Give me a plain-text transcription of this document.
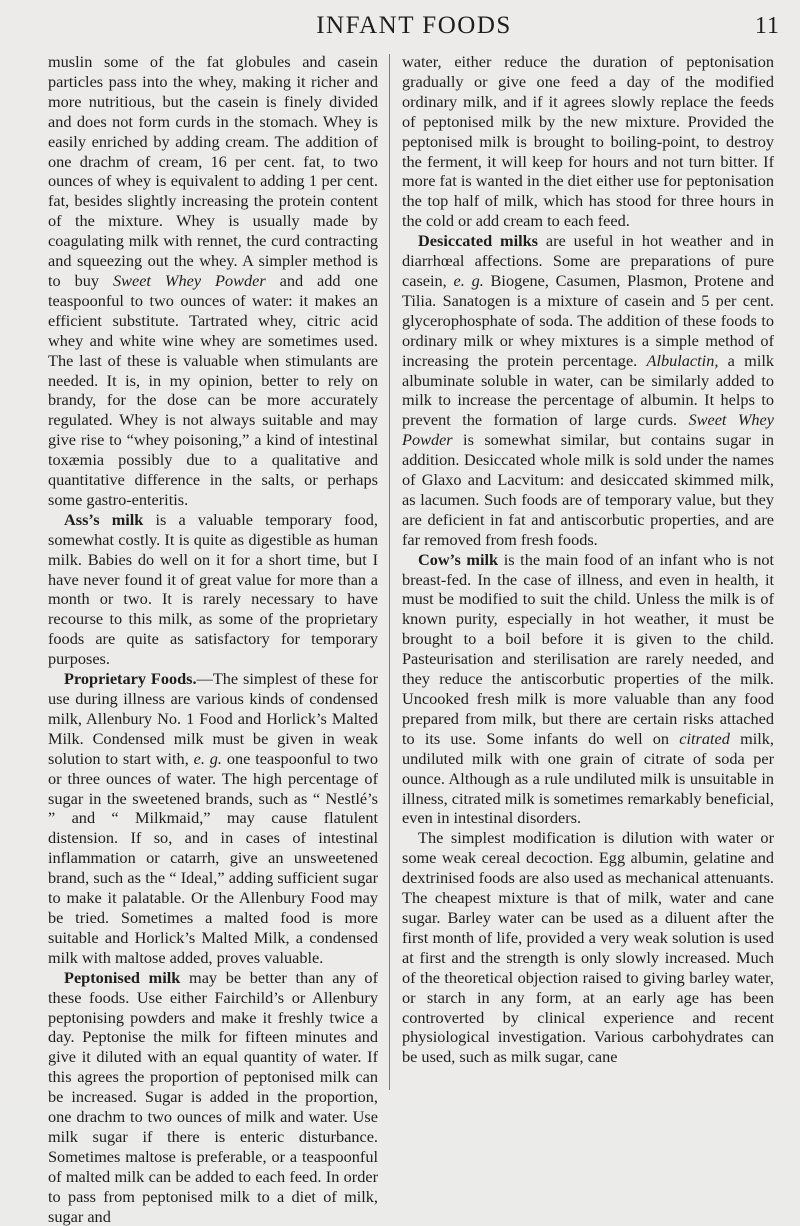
INFANT FOODS	11

muslin some of the fat globules and casein particles pass into the whey, making it richer and more nutritious, but the casein is finely divided and does not form curds in the stomach. Whey is easily enriched by adding cream. The addition of one drachm of cream, 16 per cent. fat, to two ounces of whey is equivalent to adding 1 per cent. fat, besides slightly increasing the protein content of the mixture. Whey is usually made by coagulating milk with rennet, the curd contracting and squeezing out the whey. A simpler method is to buy Sweet Whey Powder and add one teaspoonful to two ounces of water: it makes an efficient substitute. Tartrated whey, citric acid whey and white wine whey are sometimes used. The last of these is valuable when stimulants are needed. It is, in my opinion, better to rely on brandy, for the dose can be more accurately regulated. Whey is not always suitable and may give rise to “whey poisoning,” a kind of intestinal toxæmia possibly due to a qualitative and quantitative difference in the salts, or perhaps some gastro-enteritis.

Ass’s milk is a valuable temporary food, somewhat costly. It is quite as digestible as human milk. Babies do well on it for a short time, but I have never found it of great value for more than a month or two. It is rarely necessary to have recourse to this milk, as some of the proprietary foods are quite as satisfactory for temporary purposes.

Proprietary Foods.—The simplest of these for use during illness are various kinds of condensed milk, Allenbury No. 1 Food and Horlick’s Malted Milk. Condensed milk must be given in weak solution to start with, e. g. one teaspoonful to two or three ounces of water. The high percentage of sugar in the sweetened brands, such as “ Nestlé’s ” and “ Milkmaid,” may cause flatulent distension. If so, and in cases of intestinal inflammation or catarrh, give an unsweetened brand, such as the “ Ideal,” adding sufficient sugar to make it palatable. Or the Allenbury Food may be tried. Sometimes a malted food is more suitable and Horlick’s Malted Milk, a condensed milk with maltose added, proves valuable.

Peptonised milk may be better than any of these foods. Use either Fairchild’s or Allenbury peptonising powders and make it freshly twice a day. Peptonise the milk for fifteen minutes and give it diluted with an equal quantity of water. If this agrees the proportion of peptonised milk can be increased. Sugar is added in the proportion, one drachm to two ounces of milk and water. Use milk sugar if there is enteric disturbance. Sometimes maltose is preferable, or a teaspoonful of malted milk can be added to each feed. In order to pass from peptonised milk to a diet of milk, sugar and

water, either reduce the duration of peptonisation gradually or give one feed a day of the modified ordinary milk, and if it agrees slowly replace the feeds of peptonised milk by the new mixture. Provided the peptonised milk is brought to boiling-point, to destroy the ferment, it will keep for hours and not turn bitter. If more fat is wanted in the diet either use for peptonisation the top half of milk, which has stood for three hours in the cold or add cream to each feed.

Desiccated milks are useful in hot weather and in diarrhœal affections. Some are preparations of pure casein, e. g. Biogene, Casumen, Plasmon, Protene and Tilia. Sanatogen is a mixture of casein and 5 per cent. glycerophosphate of soda. The addition of these foods to ordinary milk or whey mixtures is a simple method of increasing the protein percentage. Albulactin, a milk albuminate soluble in water, can be similarly added to milk to increase the percentage of albumin. It helps to prevent the formation of large curds. Sweet Whey Powder is somewhat similar, but contains sugar in addition. Desiccated whole milk is sold under the names of Glaxo and Lacvitum: and desiccated skimmed milk, as lacumen. Such foods are of temporary value, but they are deficient in fat and antiscorbutic properties, and are far removed from fresh foods.

Cow’s milk is the main food of an infant who is not breast-fed. In the case of illness, and even in health, it must be modified to suit the child. Unless the milk is of known purity, especially in hot weather, it must be brought to a boil before it is given to the child. Pasteurisation and sterilisation are rarely needed, and they reduce the antiscorbutic properties of the milk. Uncooked fresh milk is more valuable than any food prepared from milk, but there are certain risks attached to its use. Some infants do well on citrated milk, undiluted milk with one grain of citrate of soda per ounce. Although as a rule undiluted milk is unsuitable in illness, citrated milk is sometimes remarkably beneficial, even in intestinal disorders.

The simplest modification is dilution with water or some weak cereal decoction. Egg albumin, gelatine and dextrinised foods are also used as mechanical attenuants. The cheapest mixture is that of milk, water and cane sugar. Barley water can be used as a diluent after the first month of life, provided a very weak solution is used at first and the strength is only slowly increased. Much of the theoretical objection raised to giving barley water, or starch in any form, at an early age has been controverted by clinical experience and recent physiological investigation. Various carbohydrates can be used, such as milk sugar, cane
